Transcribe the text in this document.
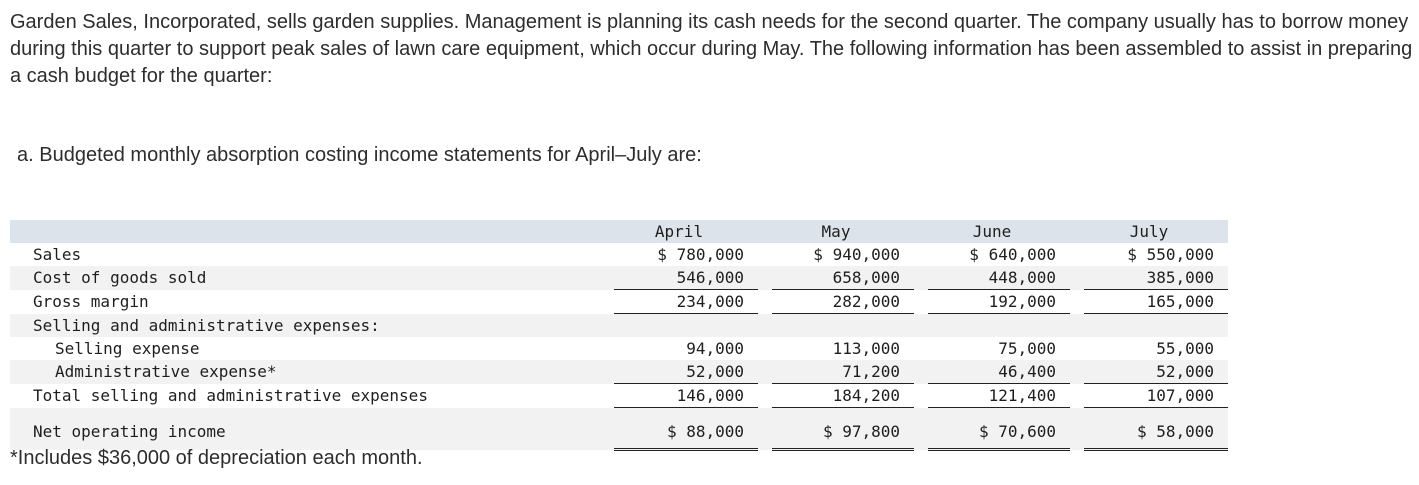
Garden Sales, Incorporated, sells garden supplies. Management is planning its cash needs for the second quarter. The company usually has to borrow money during this quarter to support peak sales of lawn care equipment, which occur during May. The following information has been assembled to assist in preparing a cash budget for the quarter:

a. Budgeted monthly absorption costing income statements for April–July are:

		April		May		June		July
Sales		$ 780,000		$ 940,000		$ 640,000		$ 550,000
Cost of goods sold		546,000		658,000		448,000		385,000
Gross margin		234,000		282,000		192,000		165,000
Selling and administrative expenses:								
Selling expense		94,000		113,000		75,000		55,000
Administrative expense*		52,000		71,200		46,400		52,000
Total selling and administrative expenses		146,000		184,200		121,400		107,000
Net operating income		$ 88,000		$ 97,800		$ 70,600		$ 58,000

*Includes $36,000 of depreciation each month.
